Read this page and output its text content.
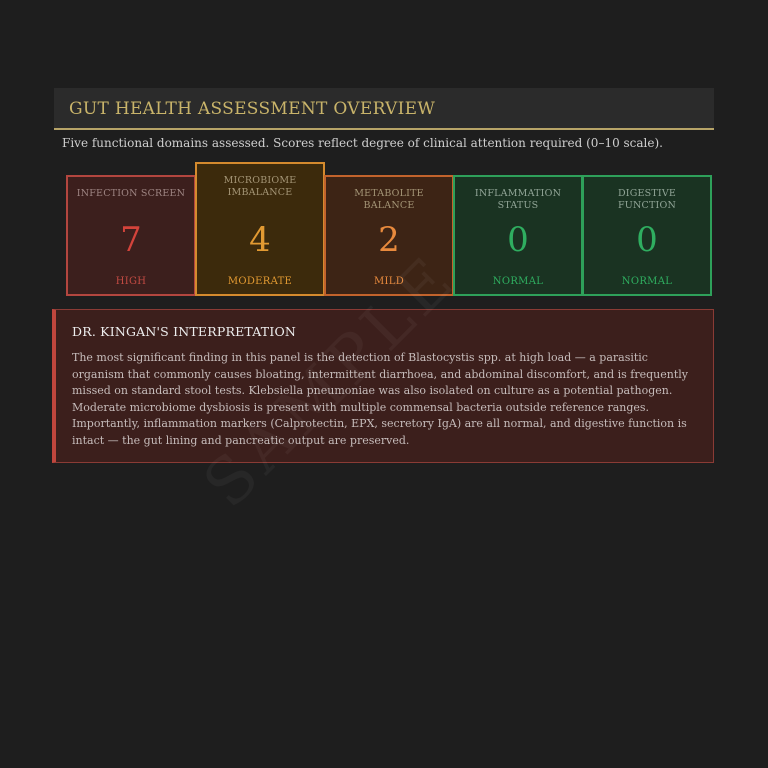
GUT HEALTH ASSESSMENT OVERVIEW
Five functional domains assessed. Scores reflect degree of clinical attention required (0–10 scale).
INFECTION SCREEN
7
HIGH
MICROBIOME IMBALANCE
4
MODERATE
METABOLITE BALANCE
2
MILD
INFLAMMATION STATUS
0
NORMAL
DIGESTIVE FUNCTION
0
NORMAL
DR. KINGAN'S INTERPRETATION
The most significant finding in this panel is the detection of Blastocystis spp. at high load — a parasitic organism that commonly causes bloating, intermittent diarrhoea, and abdominal discomfort, and is frequently missed on standard stool tests. Klebsiella pneumoniae was also isolated on culture as a potential pathogen. Moderate microbiome dysbiosis is present with multiple commensal bacteria outside reference ranges. Importantly, inflammation markers (Calprotectin, EPX, secretory IgA) are all normal, and digestive function is intact — the gut lining and pancreatic output are preserved.
